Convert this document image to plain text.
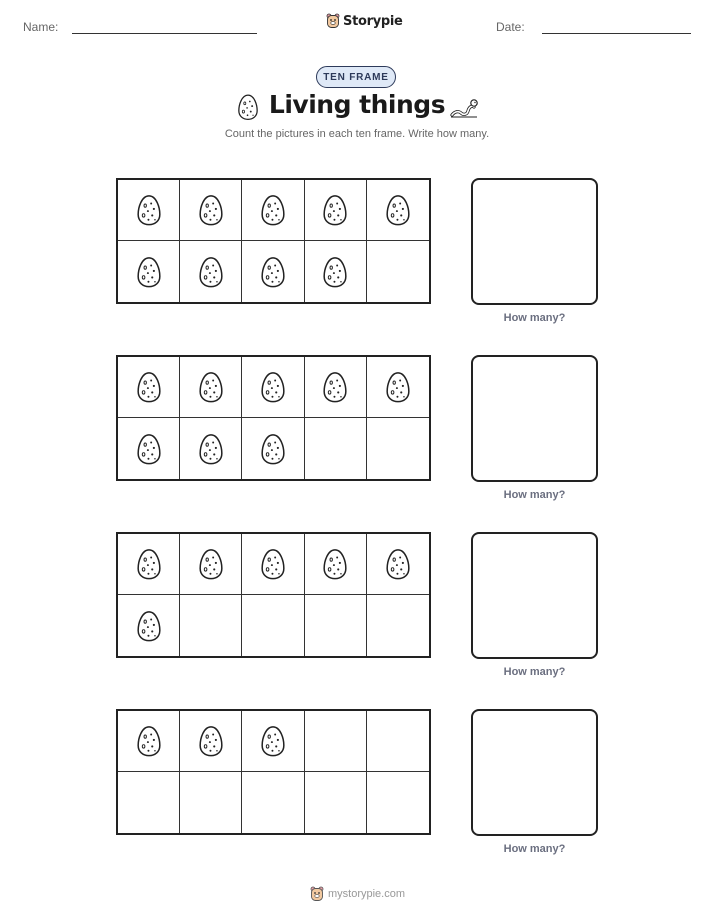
Name:	Storypie	Date:
TEN FRAME
Living things
Count the pictures in each ten frame. Write how many.
How many?
How many?
How many?
How many?
mystorypie.com
